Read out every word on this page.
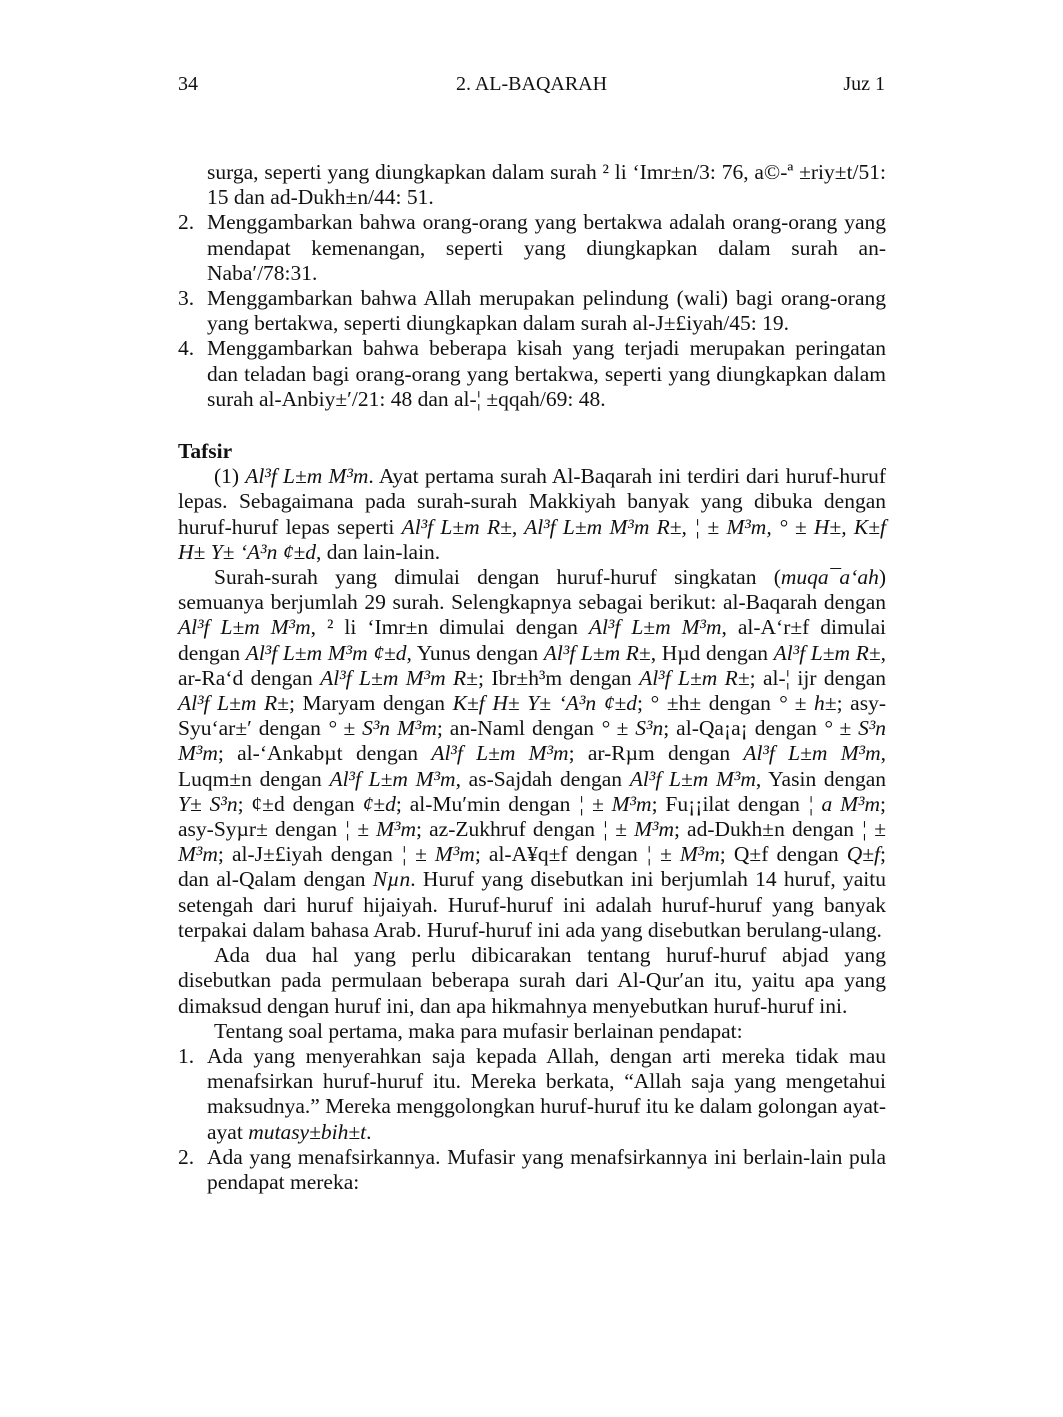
34	2. AL-BAQARAH	Juz 1

surga, seperti yang diungkapkan dalam surah ² li ‘Imr±n/3: 76, a©-ª ±riy±t/51: 15 dan ad-Dukh±n/44: 51.

2. Menggambarkan bahwa orang-orang yang bertakwa adalah orang-orang yang mendapat kemenangan, seperti yang diungkapkan dalam surah an-Naba′/78:31.
3. Menggambarkan bahwa Allah merupakan pelindung (wali) bagi orang-orang yang bertakwa, seperti diungkapkan dalam surah al-J±£iyah/45: 19.
4. Menggambarkan bahwa beberapa kisah yang terjadi merupakan peringatan dan teladan bagi orang-orang yang bertakwa, seperti yang diungkapkan dalam surah al-Anbiy±′/21: 48 dan al-¦ ±qqah/69: 48.

Tafsir

(1) Al³f L±m M³m. Ayat pertama surah Al-Baqarah ini terdiri dari huruf-huruf lepas. Sebagaimana pada surah-surah Makkiyah banyak yang dibuka dengan huruf-huruf lepas seperti Al³f L±m R±, Al³f L±m M³m R±, ¦ ± M³m, ° ± H±, K±f H± Y± ‘A³n ¢±d, dan lain-lain.

Surah-surah yang dimulai dengan huruf-huruf singkatan (muqa¯a‘ah) semuanya berjumlah 29 surah. Selengkapnya sebagai berikut: al-Baqarah dengan Al³f L±m M³m, ² li ‘Imr±n dimulai dengan Al³f L±m M³m, al-A‘r±f dimulai dengan Al³f L±m M³m ¢±d, Yunus dengan Al³f L±m R±, Hµd dengan Al³f L±m R±, ar-Ra‘d dengan Al³f L±m M³m R±; Ibr±h³m dengan Al³f L±m R±; al-¦ ijr dengan Al³f L±m R±; Maryam dengan K±f H± Y± ‘A³n ¢±d; ° ±h± dengan ° ± h±; asy-Syu‘ar±′ dengan ° ± S³n M³m; an-Naml dengan ° ± S³n; al-Qa¡a¡ dengan ° ± S³n M³m; al-‘Ankabµt dengan Al³f L±m M³m; ar-Rµm dengan Al³f L±m M³m, Luqm±n dengan Al³f L±m M³m, as-Sajdah dengan Al³f L±m M³m, Yasin dengan Y± S³n; ¢±d dengan ¢±d; al-Mu′min dengan ¦ ± M³m; Fu¡¡ilat dengan ¦ a M³m; asy-Syµr± dengan ¦ ± M³m; az-Zukhruf dengan ¦ ± M³m; ad-Dukh±n dengan ¦ ± M³m; al-J±£iyah dengan ¦ ± M³m; al-A¥q±f dengan ¦ ± M³m; Q±f dengan Q±f; dan al-Qalam dengan Nµn. Huruf yang disebutkan ini berjumlah 14 huruf, yaitu setengah dari huruf hijaiyah. Huruf-huruf ini adalah huruf-huruf yang banyak terpakai dalam bahasa Arab. Huruf-huruf ini ada yang disebutkan berulang-ulang.

Ada dua hal yang perlu dibicarakan tentang huruf-huruf abjad yang disebutkan pada permulaan beberapa surah dari Al-Qur′an itu, yaitu apa yang dimaksud dengan huruf ini, dan apa hikmahnya menyebutkan huruf-huruf ini.

Tentang soal pertama, maka para mufasir berlainan pendapat:

1. Ada yang menyerahkan saja kepada Allah, dengan arti mereka tidak mau menafsirkan huruf-huruf itu. Mereka berkata, “Allah saja yang mengetahui maksudnya.” Mereka menggolongkan huruf-huruf itu ke dalam golongan ayat-ayat mutasy±bih±t.
2. Ada yang menafsirkannya. Mufasir yang menafsirkannya ini berlain-lain pula pendapat mereka:
